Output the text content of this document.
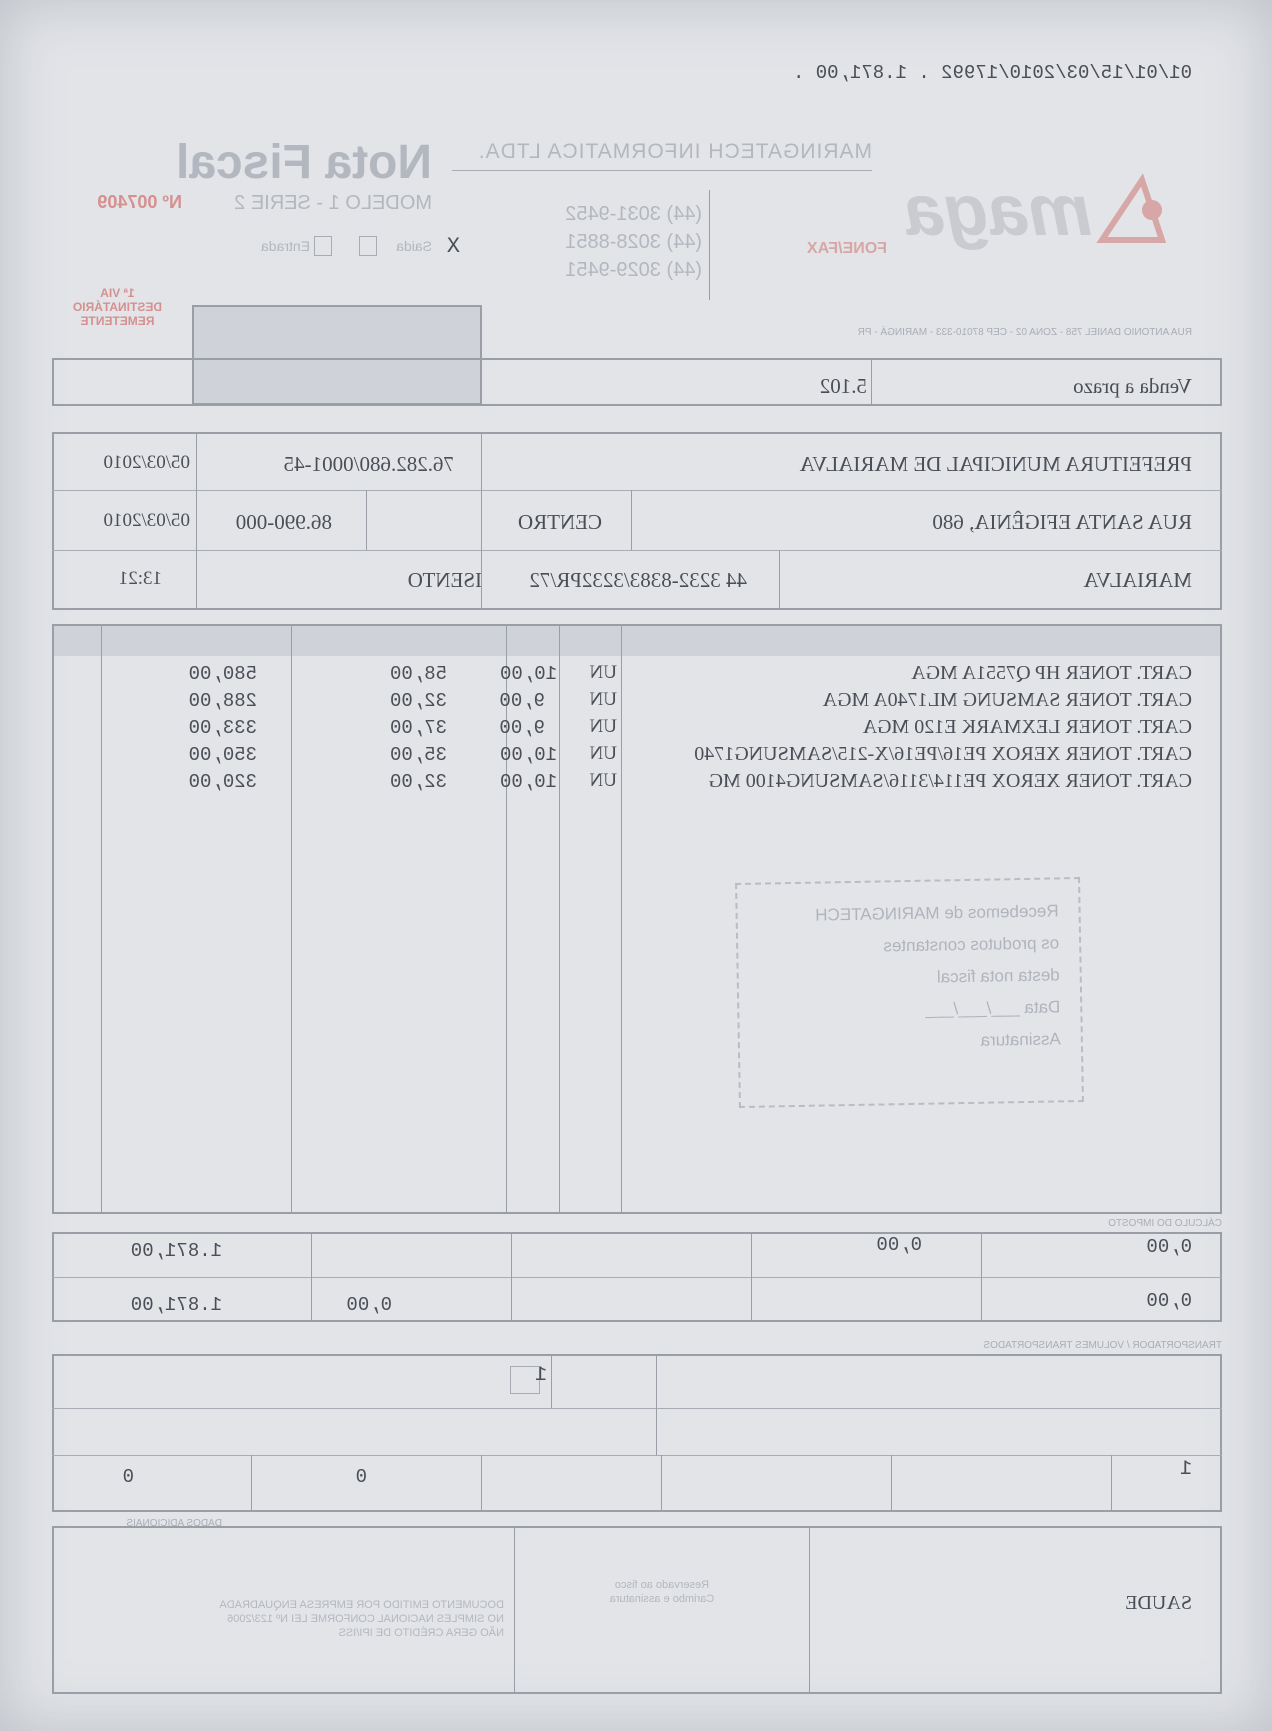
01/01/15/03/2010/17992 . 1.871,00 .
maga
MARINGATECH INFORMATICA LTDA.
Nota Fiscal
MODELO 1 - SERIE 2
Nº 007409
Saida X
Entrada
1ª VIA
DESTINATÁRIO
REMETENTE
FONE/FAX
(44) 3031-9452
(44) 3028-8851
(44) 3029-9451
RUA ANTONIO DANIEL 758 - ZONA 02 - CEP 87010-333 - MARINGÁ - PR
Venda a prazo
5.102
PREFEITURA MUNICIPAL DE MARIALVA
76.282.680/0001-45
05/03/2010
RUA SANTA EFIGÊNIA, 680
CENTRO
86.990-000
05/03/2010
MARIALVA
44 3232-8383/3232PR/72
ISENTO
13:21
CART. TONER HP Q7551A MGA
UN
10,00
58,00
580,00
CART. TONER SAMSUNG ML1740A MGA
UN
9,00
32,00
288,00
CART. TONER LEXMARK E120 MGA
UN
9,00
37,00
333,00
CART. TONER XEROX PE16/PE16/X-215/SAMSUNG1740
UN
10,00
35,00
350,00
CART. TONER XEROX PE114/3116/SAMSUNG4100 MG
UN
10,00
32,00
320,00
Recebemos de MARINGATECH
os produtos constantes
desta nota fiscal
Data ___/___/___
Assinatura
CÁLCULO DO IMPOSTO
0,00
0,00
1.871,00
0,00
0,00
1.871,00
TRANSPORTADOR / VOLUMES TRANSPORTADOS
1
1
0
0
DADOS ADICIONAIS
SAUDE
Reservado ao fisco
Carimbo e assinatura
DOCUMENTO EMITIDO POR EMPRESA ENQUADRADA
NO SIMPLES NACIONAL CONFORME LEI Nº 123/2006
NÃO GERA CRÉDITO DE IPI/ISS
